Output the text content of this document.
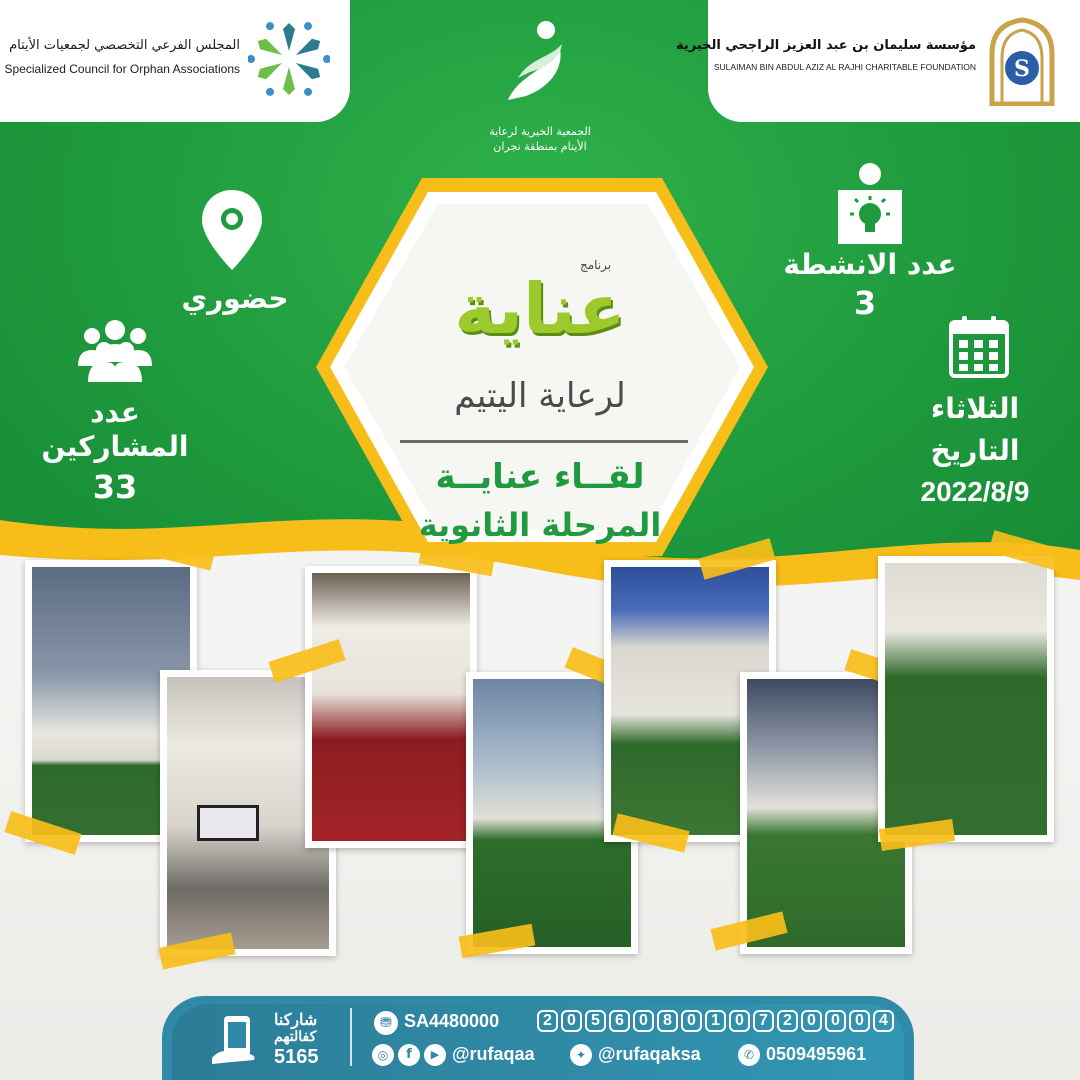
المجلس الفرعي التخصصي لجمعيات الأيتام
Specialized Council for Orphan Associations
مؤسسة سليمان بن عبد العزيز الراجحي الخيرية
SULAIMAN BIN ABDUL AZIZ AL RAJHI CHARITABLE FOUNDATION S
الجمعية الخيرية لرعاية
الأيتام بمنطقة نجران
برنامج
عناية
لرعاية اليتيم
لقــاء عنايــة
المرحلة الثانوية
حضوري
عدد
المشاركين
33
عدد الانشطة
3
الثلاثاء
التاريخ
2022/8/9
شاركنا
كفالتهم
5165
⛃ SA4480000	2 0 5 6 0 8 0 1 0 7 2 0 0 0 4
◎	f	▶ @rufaqaa	✦ @rufaqaksa	✆ 0509495961
